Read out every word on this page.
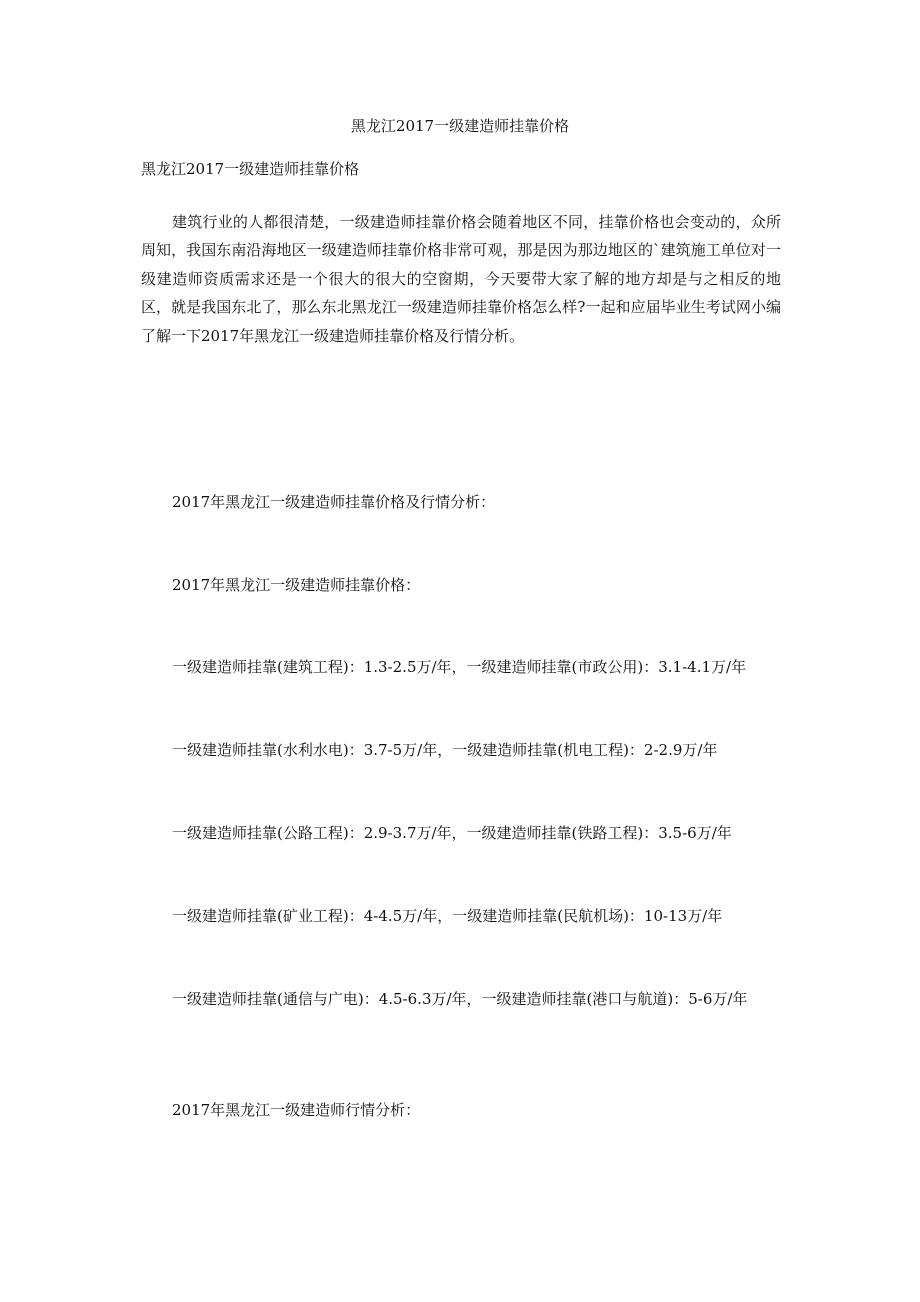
黑龙江2017一级建造师挂靠价格
黑龙江2017一级建造师挂靠价格
建筑行业的人都很清楚，一级建造师挂靠价格会随着地区不同，挂靠价格也会变动的，众所周知，我国东南沿海地区一级建造师挂靠价格非常可观，那是因为那边地区的`建筑施工单位对一级建造师资质需求还是一个很大的很大的空窗期，今天要带大家了解的地方却是与之相反的地区，就是我国东北了，那么东北黑龙江一级建造师挂靠价格怎么样?一起和应届毕业生考试网小编了解一下2017年黑龙江一级建造师挂靠价格及行情分析。
2017年黑龙江一级建造师挂靠价格及行情分析：
2017年黑龙江一级建造师挂靠价格：
一级建造师挂靠(建筑工程)：1.3-2.5万/年，一级建造师挂靠(市政公用)：3.1-4.1万/年
一级建造师挂靠(水利水电)：3.7-5万/年，一级建造师挂靠(机电工程)：2-2.9万/年
一级建造师挂靠(公路工程)：2.9-3.7万/年，一级建造师挂靠(铁路工程)：3.5-6万/年
一级建造师挂靠(矿业工程)：4-4.5万/年，一级建造师挂靠(民航机场)：10-13万/年
一级建造师挂靠(通信与广电)：4.5-6.3万/年，一级建造师挂靠(港口与航道)：5-6万/年
2017年黑龙江一级建造师行情分析：
